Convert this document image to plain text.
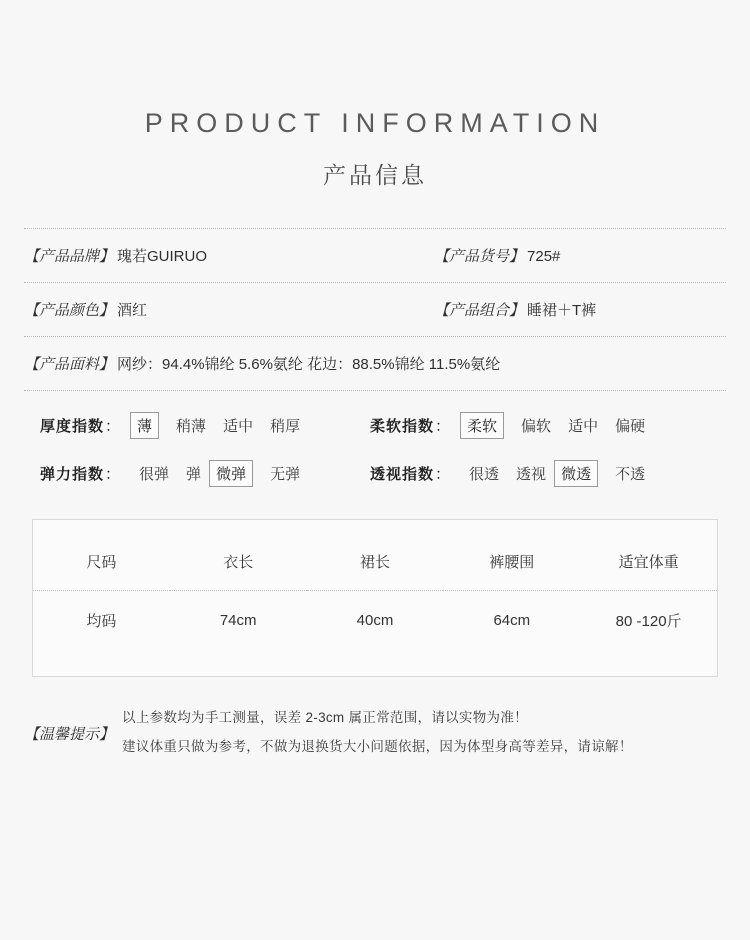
PRODUCT INFORMATION
产品信息
【产品品牌】 瑰若GUIRUO	【产品货号】 725#
【产品颜色】 酒红	【产品组合】 睡裙＋T裤
【产品面料】 网纱：94.4%锦纶 5.6%氨纶 花边：88.5%锦纶 11.5%氨纶
厚度指数 ：	薄	稍薄 适中 稍厚	柔软指数 ：	柔软	偏软 适中 偏硬
弹力指数 ： 很弹 弹	微弹	无弹	透视指数 ： 很透 透视	微透	不透
尺码	衣长	裙长	裤腰围	适宜体重
均码	74cm	40cm	64cm	80 -120斤
【温馨提示】
以上参数均为手工测量，误差 2-3cm 属正常范围，请以实物为准！
建议体重只做为参考，不做为退换货大小问题依据，因为体型身高等差异，请谅解！
